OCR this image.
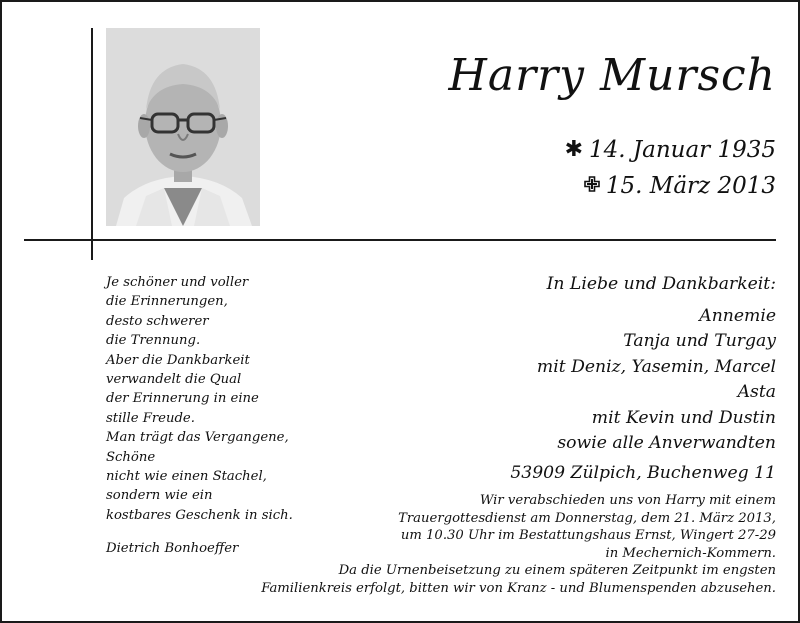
Harry Mursch
✱ 14. Januar 1935
15. März 2013
Je schöner und voller
die Erinnerungen,
desto schwerer
die Trennung.
Aber die Dankbarkeit
verwandelt die Qual
der Erinnerung in eine
stille Freude.
Man trägt das Vergangene,
Schöne
nicht wie einen Stachel,
sondern wie ein
kostbares Geschenk in sich.
Dietrich Bonhoeffer
In Liebe und Dankbarkeit:
Annemie
Tanja und Turgay
mit Deniz, Yasemin, Marcel
Asta
mit Kevin und Dustin
sowie alle Anverwandten
53909 Zülpich, Buchenweg 11
Wir verabschieden uns von Harry mit einem
Trauergottesdienst am Donnerstag, dem 21. März 2013,
um 10.30 Uhr im Bestattungshaus Ernst, Wingert 27-29
in Mechernich-Kommern.
Da die Urnenbeisetzung zu einem späteren Zeitpunkt im engsten
Familienkreis erfolgt, bitten wir von Kranz - und Blumenspenden abzusehen.
